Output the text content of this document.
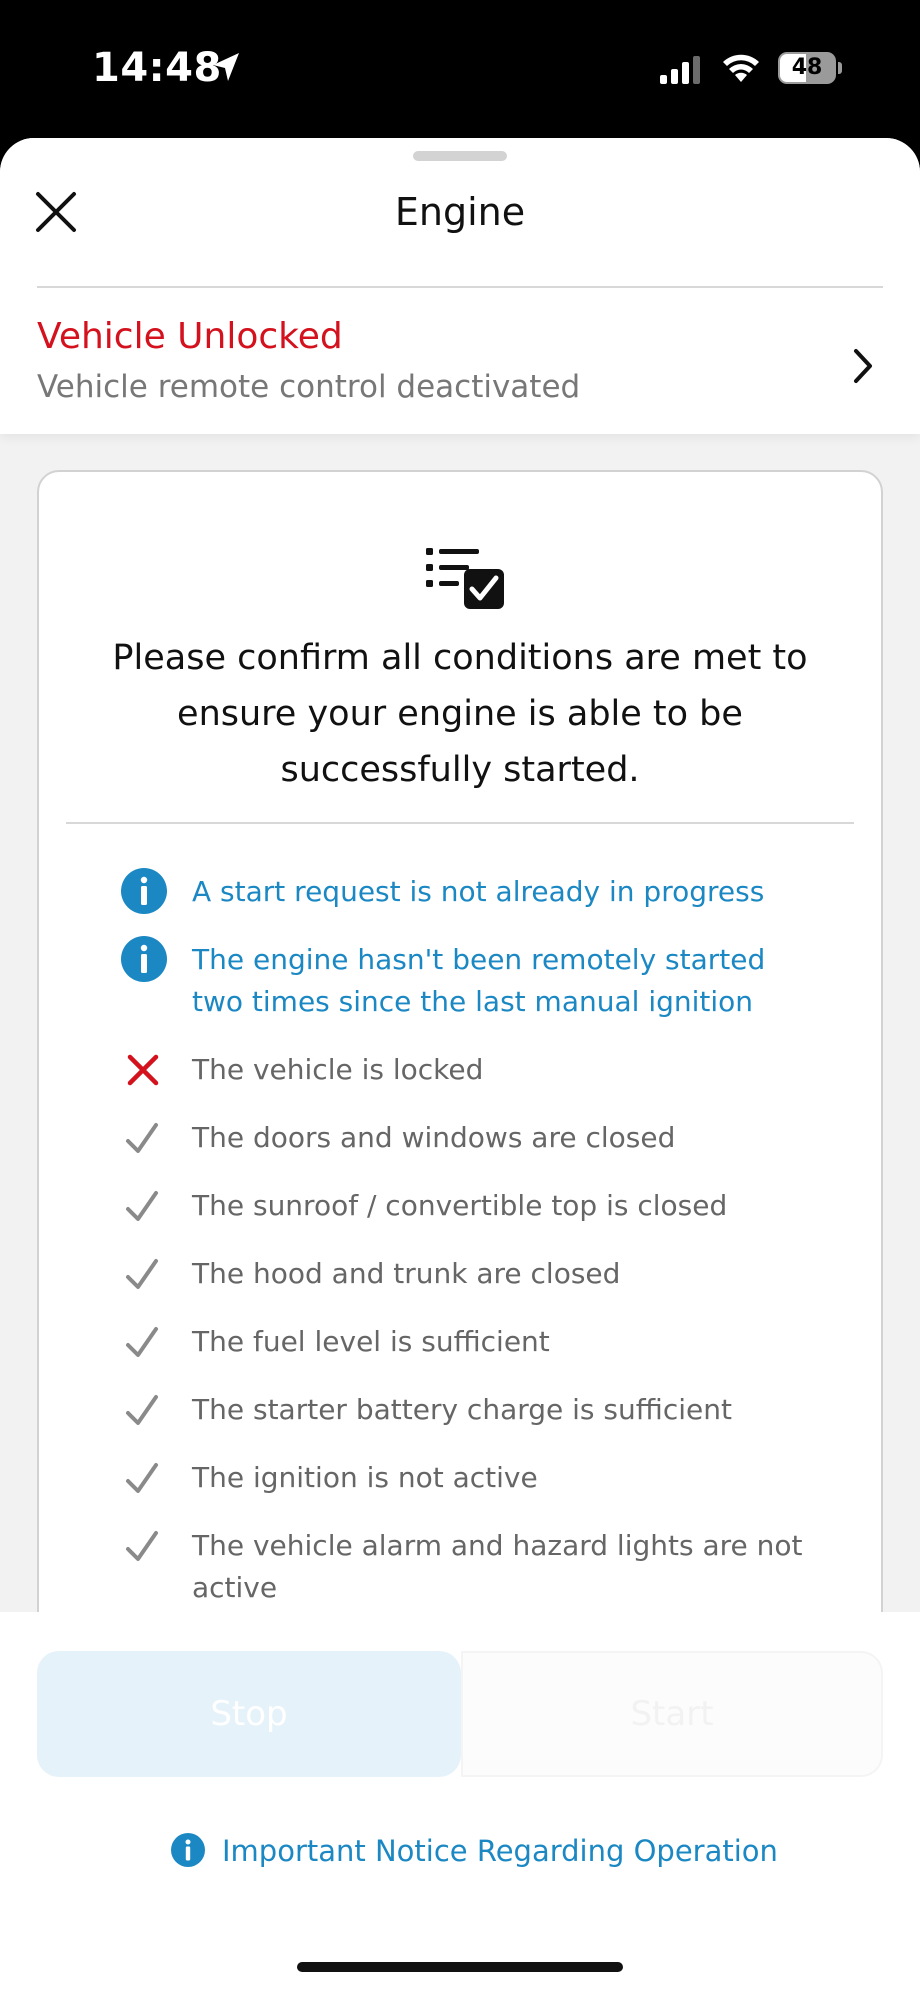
14:48	48
Engine
Vehicle Unlocked
Vehicle remote control deactivated
Please confirm all conditions are met to ensure your engine is able to be successfully started.
A start request is not already in progress
The engine hasn't been remotely started two times since the last manual ignition
The vehicle is locked
The doors and windows are closed
The sunroof / convertible top is closed
The hood and trunk are closed
The fuel level is sufficient
The starter battery charge is sufficient
The ignition is not active
The vehicle alarm and hazard lights are not active
Stop	Start
Important Notice Regarding Operation
